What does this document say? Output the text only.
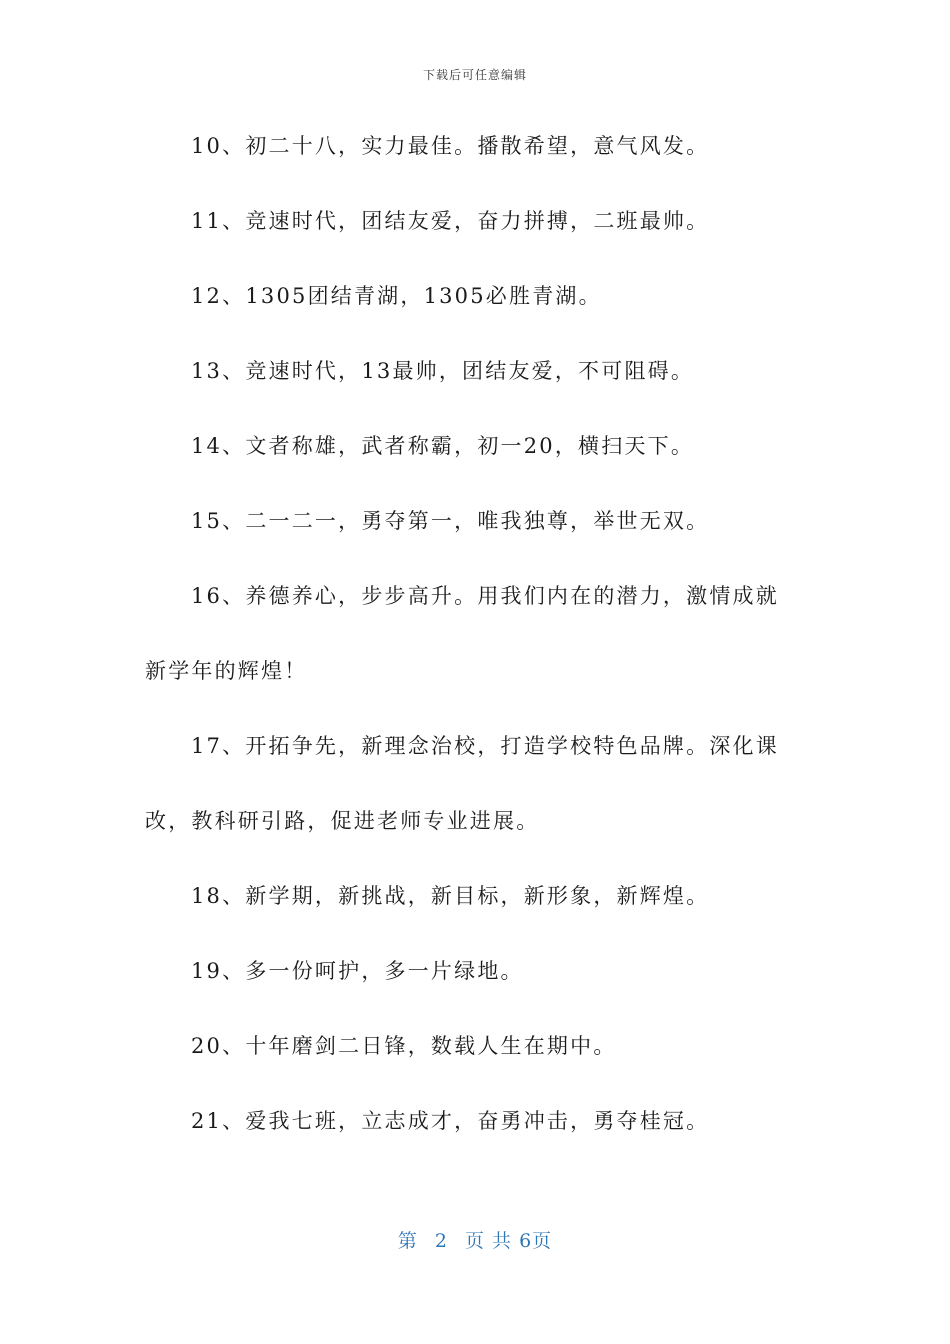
下载后可任意编辑
10、初二十八，实力最佳。播散希望，意气风发。
11、竞速时代，团结友爱，奋力拼搏，二班最帅。
12、1305团结青湖，1305必胜青湖。
13、竞速时代，13最帅，团结友爱，不可阻碍。
14、文者称雄，武者称霸，初一20，横扫天下。
15、二一二一，勇夺第一，唯我独尊，举世无双。
16、养德养心，步步高升。用我们内在的潜力，激情成就
新学年的辉煌！
17、开拓争先，新理念治校，打造学校特色品牌。深化课
改，教科研引路，促进老师专业进展。
18、新学期，新挑战，新目标，新形象，新辉煌。
19、多一份呵护，多一片绿地。
20、十年磨剑二日锋，数载人生在期中。
21、爱我七班，立志成才，奋勇冲击，勇夺桂冠。
第 2 页 共 6页
